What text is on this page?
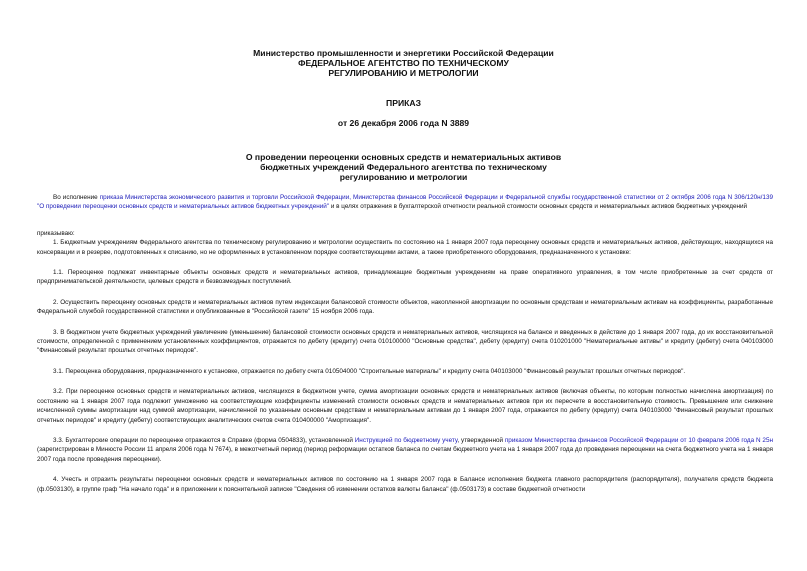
Министерство промышленности и энергетики Российской Федерации
ФЕДЕРАЛЬНОЕ АГЕНТСТВО ПО ТЕХНИЧЕСКОМУ
РЕГУЛИРОВАНИЮ И МЕТРОЛОГИИ
ПРИКАЗ
от 26 декабря 2006 года N 3889
О проведении переоценки основных средств и нематериальных активов
бюджетных учреждений Федерального агентства по техническому
регулированию и метрологии

Во исполнение приказа Министерства экономического развития и торговли Российской Федерации, Министерства финансов Российской Федерации и Федеральной службы государственной статистики от 2 октября 2006 года N 306/120н/139 "О проведении переоценки основных средств и нематериальных активов бюджетных учреждений" и в целях отражения в бухгалтерской отчетности реальной стоимости основных средств и нематериальных активов бюджетных учреждений

приказываю:

1. Бюджетным учреждениям Федерального агентства по техническому регулированию и метрологии осуществить по состоянию на 1 января 2007 года переоценку основных средств и нематериальных активов, действующих, находящихся на консервации и в резерве, подготовленных к списанию, но не оформленных в установленном порядке соответствующими актами, а также приобретенного оборудования, предназначенного к установке:

1.1. Переоценке подлежат инвентарные объекты основных средств и нематериальных активов, принадлежащие бюджетным учреждениям на праве оперативного управления, в том числе приобретенные за счет средств от предпринимательской деятельности, целевых средств и безвозмездных поступлений.

2. Осуществить переоценку основных средств и нематериальных активов путем индексации балансовой стоимости объектов, накопленной амортизации по основным средствам и нематериальным активам на коэффициенты, разработанные Федеральной службой государственной статистики и опубликованные в "Российской газете" 15 ноября 2006 года.

3. В бюджетном учете бюджетных учреждений увеличение (уменьшение) балансовой стоимости основных средств и нематериальных активов, числящихся на балансе и введенных в действие до 1 января 2007 года, до их восстановительной стоимости, определенной с применением установленных коэффициентов, отражается по дебету (кредиту) счета 010100000 "Основные средства", дебету (кредиту) счета 010201000 "Нематериальные активы" и кредиту (дебету) счета 040103000 "Финансовый результат прошлых отчетных периодов".

3.1. Переоценка оборудования, предназначенного к установке, отражается по дебету счета 010504000 "Строительные материалы" и кредиту счета 040103000 "Финансовый результат прошлых отчетных периодов".

3.2. При переоценке основных средств и нематериальных активов, числящихся в бюджетном учете, сумма амортизации основных средств и нематериальных активов (включая объекты, по которым полностью начислена амортизация) по состоянию на 1 января 2007 года подлежит умножению на соответствующие коэффициенты изменений стоимости основных средств и нематериальных активов при их пересчете в восстановительную стоимость. Превышение или снижение исчисленной суммы амортизации над суммой амортизации, начисленной по указанным основным средствам и нематериальным активам до 1 января 2007 года, отражается по дебету (кредиту) счета 040103000 "Финансовый результат прошлых отчетных периодов" и кредиту (дебету) соответствующих аналитических счетов счета 010400000 "Амортизация".

3.3. Бухгалтерские операции по переоценке отражаются в Справке (форма 0504833), установленной Инструкцией по бюджетному учету, утвержденной приказом Министерства финансов Российской Федерации от 10 февраля 2006 года N 25н (зарегистрирован в Минюсте России 11 апреля 2006 года N 7674), в межотчетный период (период реформации остатков баланса по счетам бюджетного учета на 1 января 2007 года до проведения переоценки на счета бюджетного учета на 1 января 2007 года после проведения переоценки).

4. Учесть и отразить результаты переоценки основных средств и нематериальных активов по состоянию на 1 января 2007 года в Балансе исполнения бюджета главного распорядителя (распорядителя), получателя средств бюджета (ф.0503130), в группе граф "На начало года" и в приложении к пояснительной записке "Сведения об изменении остатков валюты баланса" (ф.0503173) в составе бюджетной отчетности
